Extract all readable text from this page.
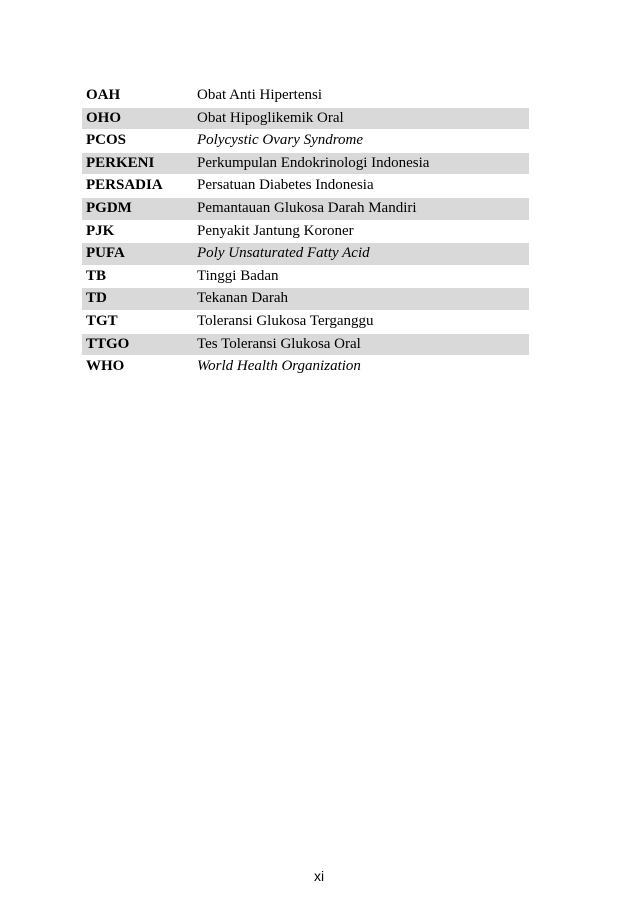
OAH	Obat Anti Hipertensi
OHO	Obat Hipoglikemik Oral
PCOS	Polycystic Ovary Syndrome
PERKENI	Perkumpulan Endokrinologi Indonesia
PERSADIA	Persatuan Diabetes Indonesia
PGDM	Pemantauan Glukosa Darah Mandiri
PJK	Penyakit Jantung Koroner
PUFA	Poly Unsaturated Fatty Acid
TB	Tinggi Badan
TD	Tekanan Darah
TGT	Toleransi Glukosa Terganggu
TTGO	Tes Toleransi Glukosa Oral
WHO	World Health Organization
xi
